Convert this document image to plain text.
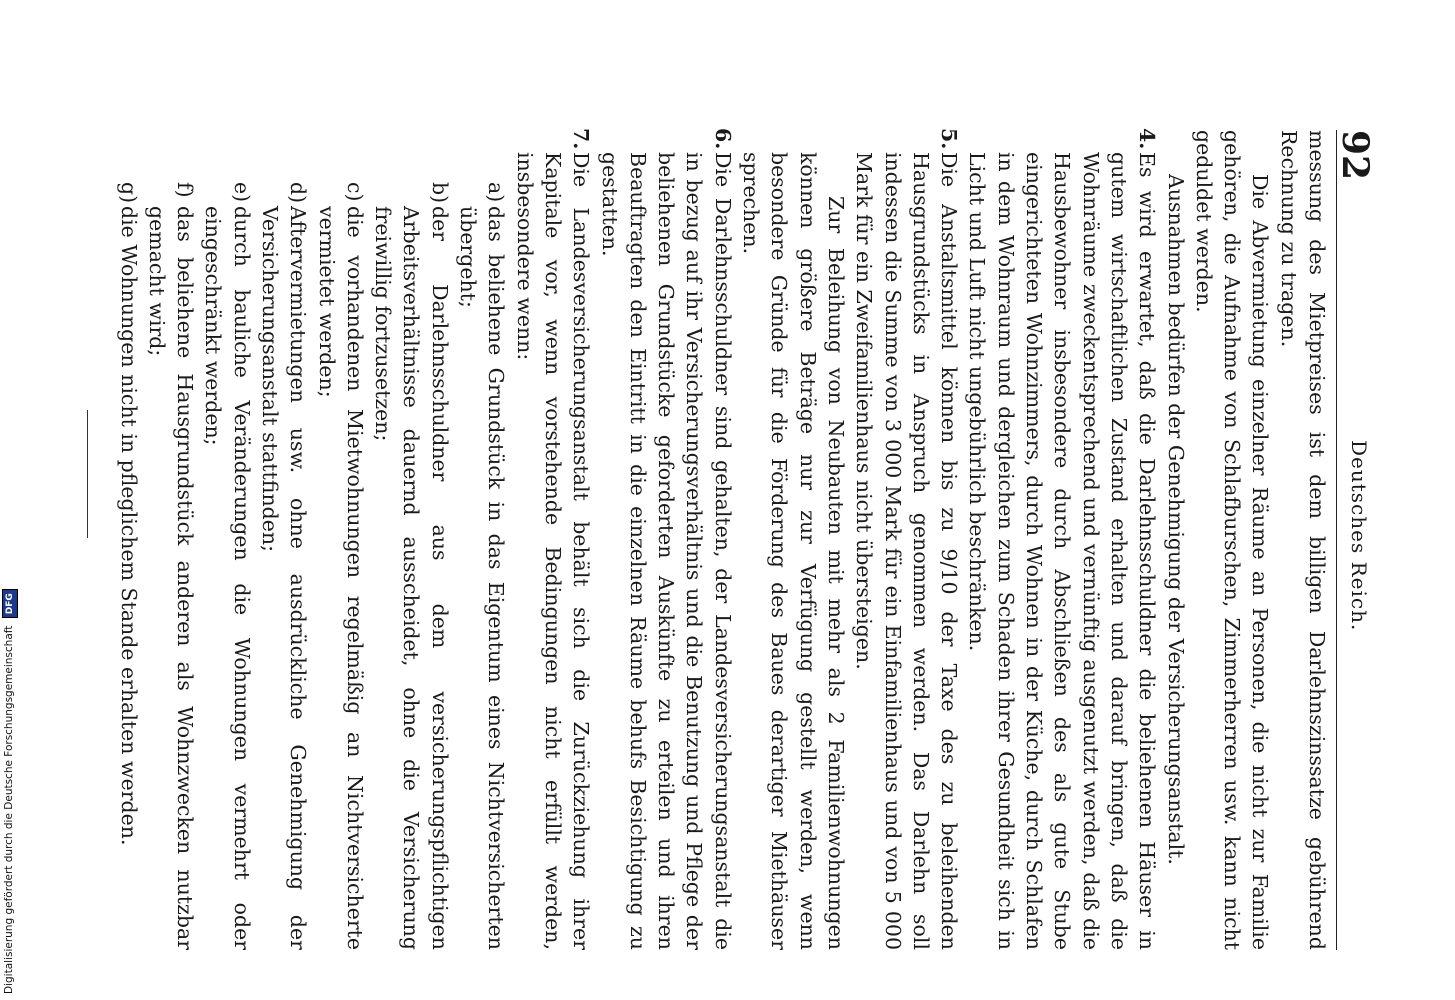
92
Deutsches Reich.

messung des Mietpreises ist dem billigen Darlehnszinssatze gebührend Rechnung zu tragen.

Die Abvermietung einzelner Räume an Personen, die nicht zur Familie gehören, die Aufnahme von Schlafburschen, Zimmerherren usw. kann nicht geduldet werden.

Ausnahmen bedürfen der Genehmigung der Versicherungsanstalt.

4.
Es wird erwartet, daß die Darlehnsschuldner die beliehenen Häuser in gutem wirtschaftlichen Zustand erhalten und darauf bringen, daß die Wohnräume zweckentsprechend und vernünftig ausgenutzt werden, daß die Hausbewohner insbesondere durch Abschließen des als gute Stube eingerichteten Wohnzimmers, durch Wohnen in der Küche, durch Schlafen in dem Wohnraum und dergleichen zum Schaden ihrer Gesundheit sich in Licht und Luft nicht ungebührlich beschränken.

5.
Die Anstaltsmittel können bis zu 9/10 der Taxe des zu beleihenden Hausgrundstücks in Anspruch genommen werden. Das Darlehn soll indessen die Summe von 3 000 Mark für ein Einfamilienhaus und von 5 000 Mark für ein Zweifamilienhaus nicht übersteigen.

Zur Beleihung von Neubauten mit mehr als 2 Familienwohnungen können größere Beträge nur zur Verfügung gestellt werden, wenn besondere Gründe für die Förderung des Baues derartiger Miethäuser sprechen.

6.
Die Darlehnsschuldner sind gehalten, der Landesversicherungsanstalt die in bezug auf ihr Versicherungsverhältnis und die Benutzung und Pflege der beliehenen Grundstücke geforderten Auskünfte zu erteilen und ihren Beauftragten den Eintritt in die einzelnen Räume behufs Besichtigung zu gestatten.

7.
Die Landesversicherungsanstalt behält sich die Zurückziehung ihrer Kapitale vor, wenn vorstehende Bedingungen nicht erfüllt werden, insbesondere wenn:

a)
das beliehene Grundstück in das Eigentum eines Nichtversicherten übergeht;

b)
der Darlehnsschuldner aus dem versicherungspflichtigen Arbeitsverhältnisse dauernd ausscheidet, ohne die Versicherung freiwillig fortzusetzen;

c)
die vorhandenen Mietwohnungen regelmäßig an Nichtversicherte vermietet werden;

d)
Aftervermietungen usw. ohne ausdrückliche Genehmigung der Versicherungsanstalt stattfinden;

e)
durch bauliche Veränderungen die Wohnungen vermehrt oder eingeschränkt werden;

f)
das beliehene Hausgrundstück anderen als Wohnzwecken nutzbar gemacht wird;

g)
die Wohnungen nicht in pfleglichem Stande erhalten werden.

Digitalisierung gefördert durch die Deutsche Forschungsgemeinschaft DFG
